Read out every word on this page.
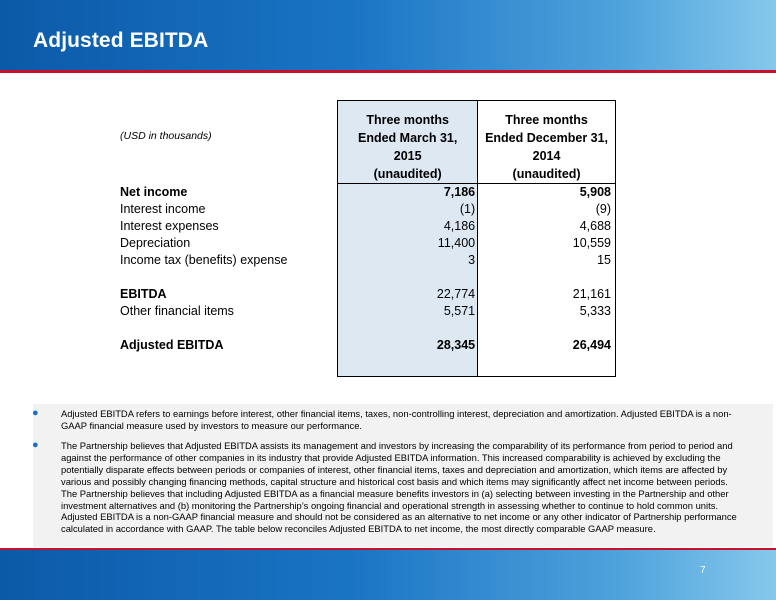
Adjusted EBITDA
(USD in thousands)	Three months
Ended March 31,
2015
(unaudited)	Three months
Ended December 31,
2014
(unaudited)

Net income	7,186	5,908
Interest income	(1)	(9)
Interest expenses	4,186	4,688
Depreciation	11,400	10,559
Income tax (benefits) expense	3	15

EBITDA	22,774	21,161
Other financial items	5,571	5,333

Adjusted EBITDA	28,345	26,494

● Adjusted EBITDA refers to earnings before interest, other financial items, taxes, non-controlling interest, depreciation and amortization. Adjusted EBITDA is a non-GAAP financial measure used by investors to measure our performance.
● The Partnership believes that Adjusted EBITDA assists its management and investors by increasing the comparability of its performance from period to period and against the performance of other companies in its industry that provide Adjusted EBITDA information. This increased comparability is achieved by excluding the potentially disparate effects between periods or companies of interest, other financial items, taxes and depreciation and amortization, which items are affected by various and possibly changing financing methods, capital structure and historical cost basis and which items may significantly affect net income between periods. The Partnership believes that including Adjusted EBITDA as a financial measure benefits investors in (a) selecting between investing in the Partnership and other investment alternatives and (b) monitoring the Partnership’s ongoing financial and operational strength in assessing whether to continue to hold common units. Adjusted EBITDA is a non-GAAP financial measure and should not be considered as an alternative to net income or any other indicator of Partnership performance calculated in accordance with GAAP. The table below reconciles Adjusted EBITDA to net income, the most directly comparable GAAP measure.
7
